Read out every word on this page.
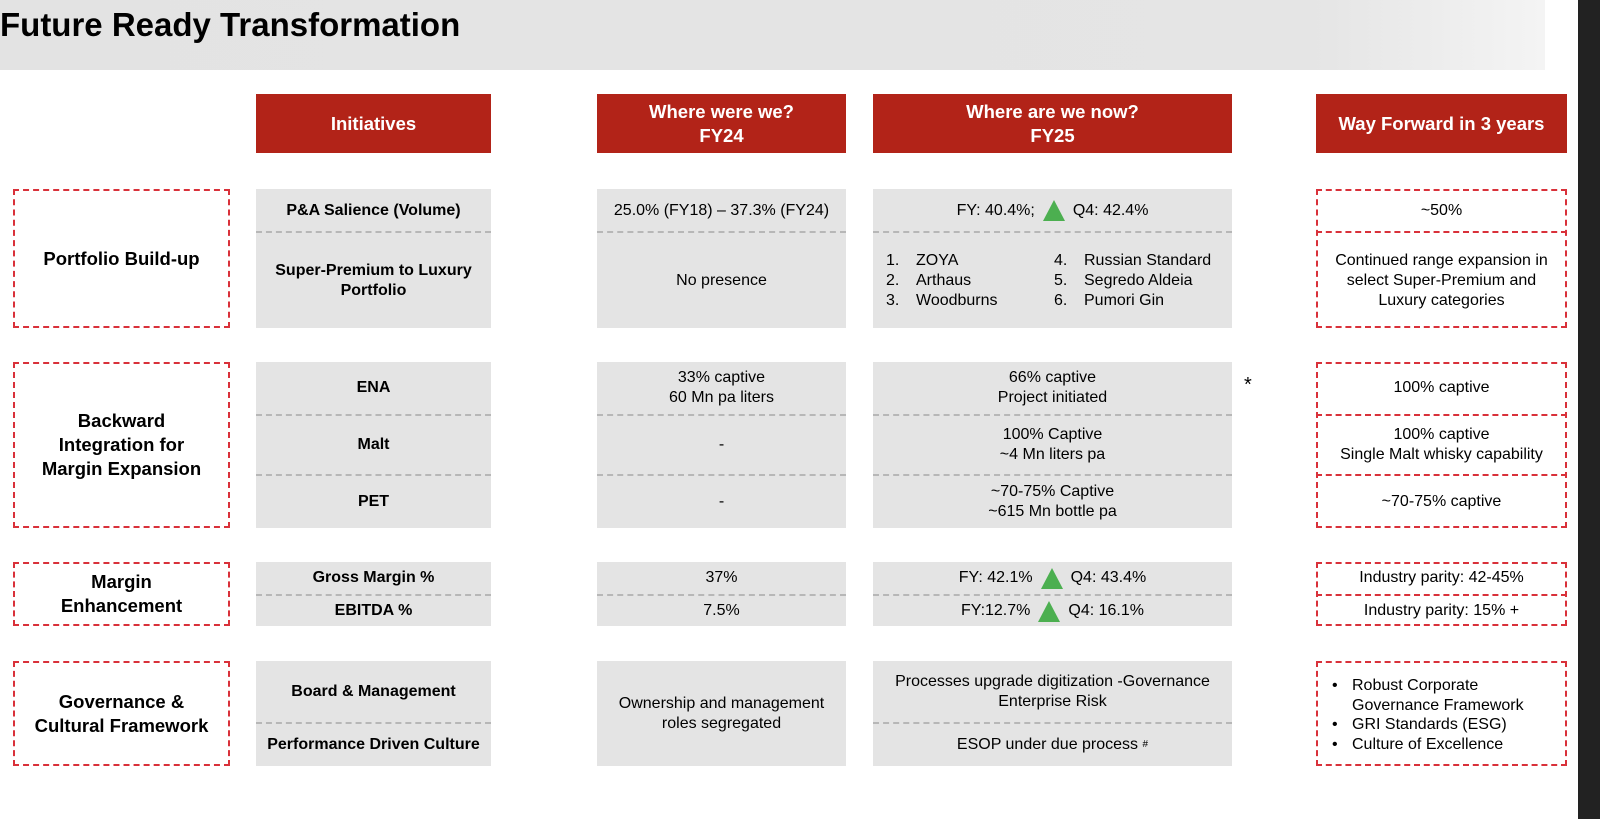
Future Ready Transformation
Initiatives
Where were we?
FY24
Where are we now?
FY25
Way Forward in 3 years
Portfolio Build-up
P&A Salience (Volume)
Super-Premium to Luxury
Portfolio
25.0% (FY18) – 37.3% (FY24)
No presence
FY: 40.4%; Q4: 42.4%
1. ZOYA
2. Arthaus
3. Woodburns
4. Russian Standard
5. Segredo Aldeia
6. Pumori Gin
~50%
Continued range expansion in
select Super-Premium and
Luxury categories
Backward
Integration for
Margin Expansion
ENA
Malt
PET
33% captive
60 Mn pa liters
-
-
66% captive
Project initiated
100% Captive
~4 Mn liters pa
~70-75% Captive
~615 Mn bottle pa
*	100% captive
100% captive
Single Malt whisky capability
~70-75% captive
Margin
Enhancement
Gross Margin %
EBITDA %
37%
7.5%
FY: 42.1% Q4: 43.4%
FY:12.7% Q4: 16.1%
Industry parity: 42-45%
Industry parity: 15% +
Governance &
Cultural Framework
Board & Management
Performance Driven Culture
Ownership and management
roles segregated
Processes upgrade digitization -Governance
Enterprise Risk
ESOP under due process
#
• Robust Corporate
Governance Framework
• GRI Standards (ESG)
• Culture of Excellence
